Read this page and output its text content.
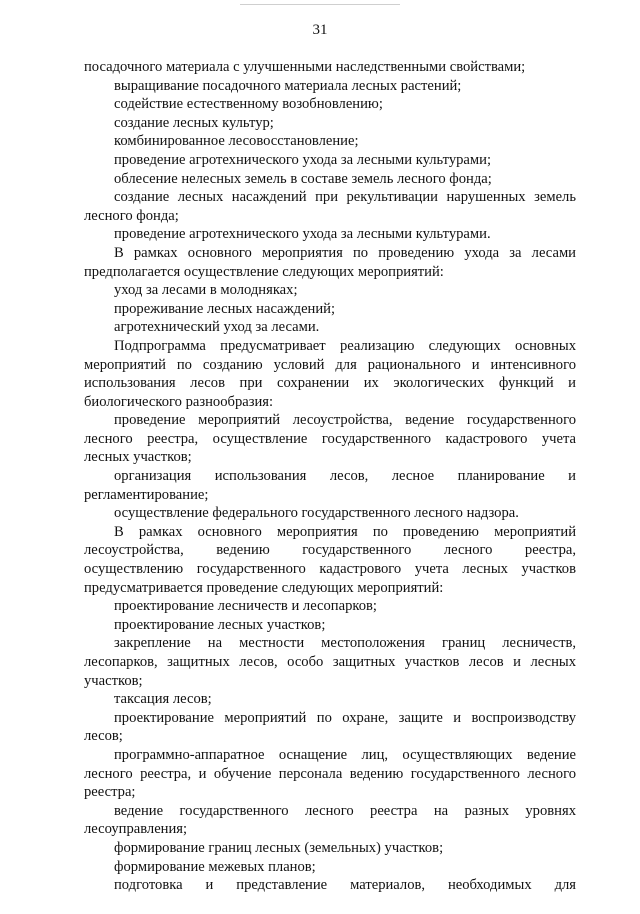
31

посадочного материала с улучшенными наследственными свойствами;

выращивание посадочного материала лесных растений;

содействие естественному возобновлению;

создание лесных культур;

комбинированное лесовосстановление;

проведение агротехнического ухода за лесными культурами;

облесение нелесных земель в составе земель лесного фонда;

создание лесных насаждений при рекультивации нарушенных земель

лесного фонда;

проведение агротехнического ухода за лесными культурами.

В рамках основного мероприятия по проведению ухода за лесами

предполагается осуществление следующих мероприятий:

уход за лесами в молодняках;

прореживание лесных насаждений;

агротехнический уход за лесами.

Подпрограмма предусматривает реализацию следующих основных

мероприятий по созданию условий для рационального и интенсивного

использования лесов при сохранении их экологических функций и

биологического разнообразия:

проведение мероприятий лесоустройства, ведение государственного

лесного реестра, осуществление государственного кадастрового учета

лесных участков;

организация использования лесов, лесное планирование и

регламентирование;

осуществление федерального государственного лесного надзора.

В рамках основного мероприятия по проведению мероприятий

лесоустройства, ведению государственного лесного реестра,

осуществлению государственного кадастрового учета лесных участков

предусматривается проведение следующих мероприятий:

проектирование лесничеств и лесопарков;

проектирование лесных участков;

закрепление на местности местоположения границ лесничеств,

лесопарков, защитных лесов, особо защитных участков лесов и лесных

участков;

таксация лесов;

проектирование мероприятий по охране, защите и воспроизводству

лесов;

программно-аппаратное оснащение лиц, осуществляющих ведение

лесного реестра, и обучение персонала ведению государственного лесного

реестра;

ведение государственного лесного реестра на разных уровнях

лесоуправления;

формирование границ лесных (земельных) участков;

формирование межевых планов;

подготовка и представление материалов, необходимых для
